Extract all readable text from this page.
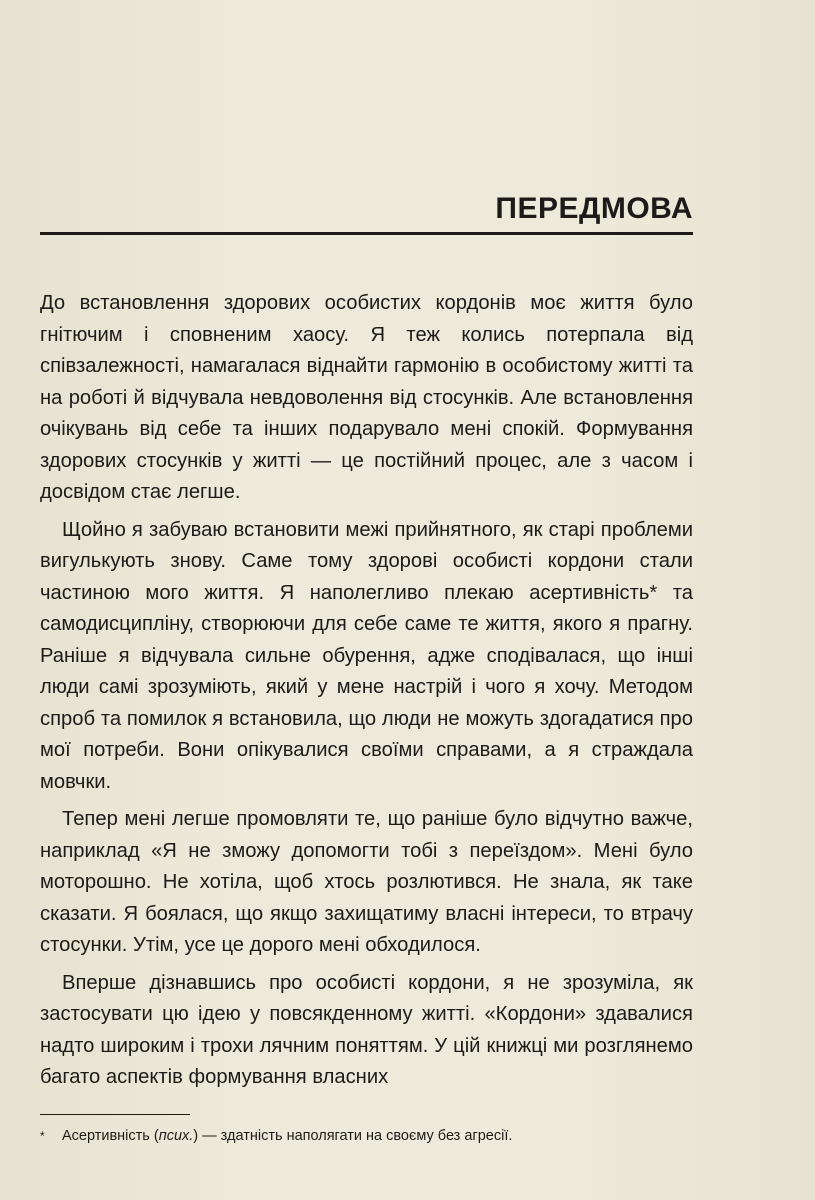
ПЕРЕДМОВА

До встановлення здорових особистих кордонів моє життя було гнітючим і сповненим хаосу. Я теж колись потерпала від співзалежності, намагалася віднайти гармонію в особистому житті та на роботі й відчувала невдоволення від стосунків. Але встановлення очікувань від себе та інших подарувало мені спокій. Формування здорових стосунків у житті — це постійний процес, але з часом і досвідом стає легше.

Щойно я забуваю встановити межі прийнятного, як старі проблеми вигулькують знову. Саме тому здорові особисті кордони стали частиною мого життя. Я наполегливо плекаю асертивність* та самодисципліну, створюючи для себе саме те життя, якого я прагну. Раніше я відчувала сильне обурення, адже сподівалася, що інші люди самі зрозуміють, який у мене настрій і чого я хочу. Методом спроб та помилок я встановила, що люди не можуть здогадатися про мої потреби. Вони опікувалися своїми справами, а я страждала мовчки.

Тепер мені легше промовляти те, що раніше було відчутно важче, наприклад «Я не зможу допомогти тобі з переїздом». Мені було моторошно. Не хотіла, щоб хтось розлютився. Не знала, як таке сказати. Я боялася, що якщо захищатиму власні інтереси, то втрачу стосунки. Утім, усе це дорого мені обходилося.

Вперше дізнавшись про особисті кордони, я не зрозуміла, як застосувати цю ідею у повсякденному житті. «Кордони» здавалися надто широким і трохи лячним поняттям. У цій книжці ми розглянемо багато аспектів формування власних

* Асертивність (псих.) — здатність наполягати на своєму без агресії.
